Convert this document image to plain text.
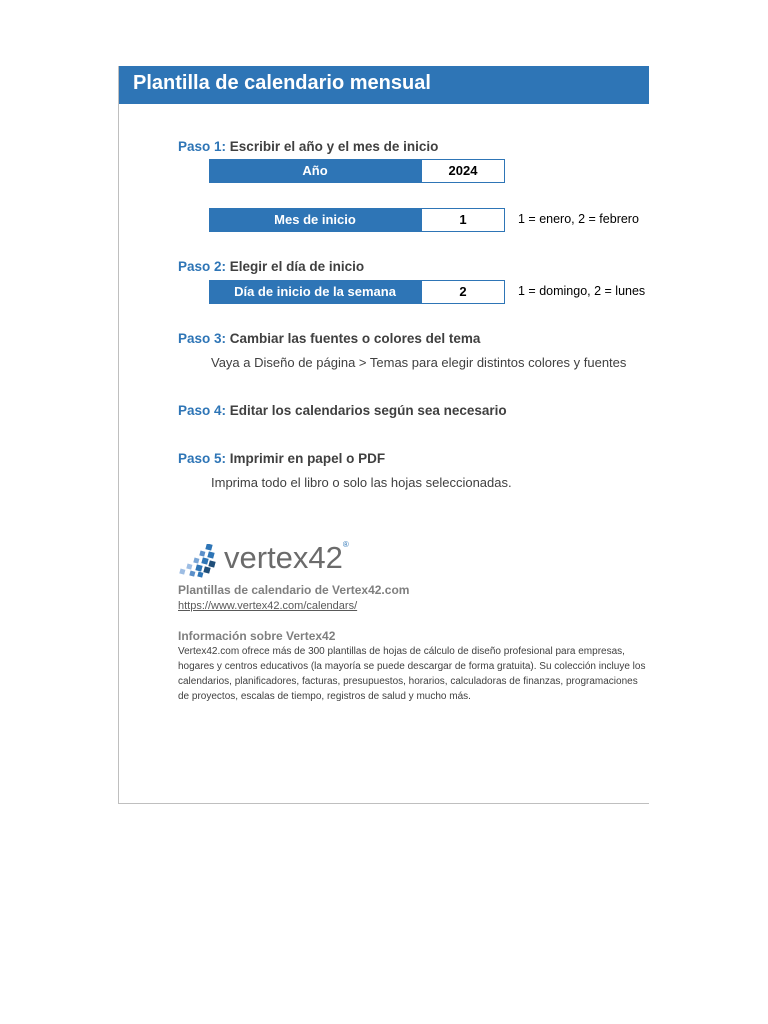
Plantilla de calendario mensual
Paso 1: Escribir el año y el mes de inicio
Año	2024
Mes de inicio	1	1 = enero, 2 = febrero
Paso 2: Elegir el día de inicio
Día de inicio de la semana	2	1 = domingo, 2 = lunes
Paso 3: Cambiar las fuentes o colores del tema
Vaya a Diseño de página > Temas para elegir distintos colores y fuentes
Paso 4: Editar los calendarios según sea necesario
Paso 5: Imprimir en papel o PDF
Imprima todo el libro o solo las hojas seleccionadas.
vertex42®
Plantillas de calendario de Vertex42.com
https://www.vertex42.com/calendars/
Información sobre Vertex42
Vertex42.com ofrece más de 300 plantillas de hojas de cálculo de diseño profesional para empresas, hogares y centros educativos (la mayoría se puede descargar de forma gratuita). Su colección incluye los calendarios, planificadores, facturas, presupuestos, horarios, calculadoras de finanzas, programaciones de proyectos, escalas de tiempo, registros de salud y mucho más.
